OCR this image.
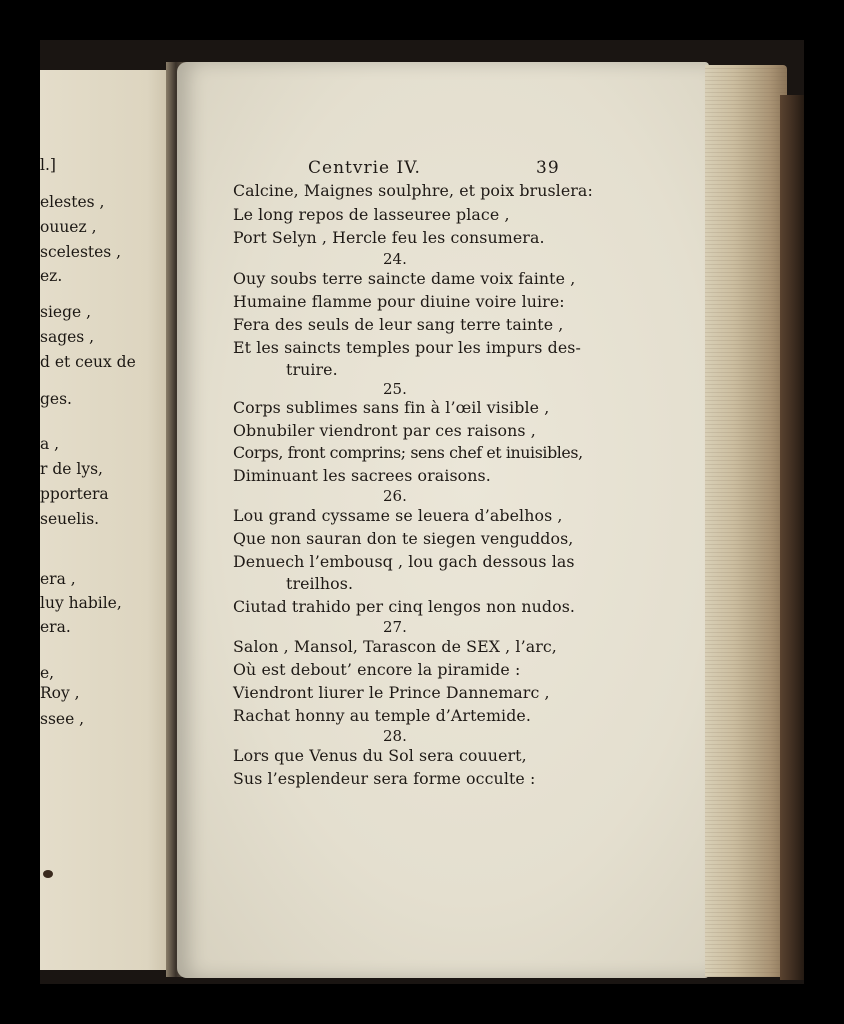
l.]
elestes ,
ouuez ,
scelestes ,
ez.
siege ,
sages ,
d et ceux de
ges.
a ,
r de lys,
pportera
seuelis.
era ,
luy habile,
era.
e,
Roy ,
ssee ,
Centvrie IV.	39
Calcine, Maignes soulphre, et poix bruslera:
Le long repos de lasseuree place ,
Port Selyn , Hercle feu les consumera.
24.
Ouy soubs terre saincte dame voix fainte ,
Humaine flamme pour diuine voire luire:
Fera des seuls de leur sang terre tainte ,
Et les saincts temples pour les impurs des-
truire.
25.
Corps sublimes sans fin à l’œil visible ,
Obnubiler viendront par ces raisons ,
Corps, front comprins; sens chef et inuisibles,
Diminuant les sacrees oraisons.
26.
Lou grand cyssame se leuera d’abelhos ,
Que non sauran don te siegen venguddos,
Denuech l’embousq , lou gach dessous las
treilhos.
Ciutad trahido per cinq lengos non nudos.
27.
Salon , Mansol, Tarascon de SEX , l’arc,
Où est debout’ encore la piramide :
Viendront liurer le Prince Dannemarc ,
Rachat honny au temple d’Artemide.
28.
Lors que Venus du Sol sera couuert,
Sus l’esplendeur sera forme occulte :
